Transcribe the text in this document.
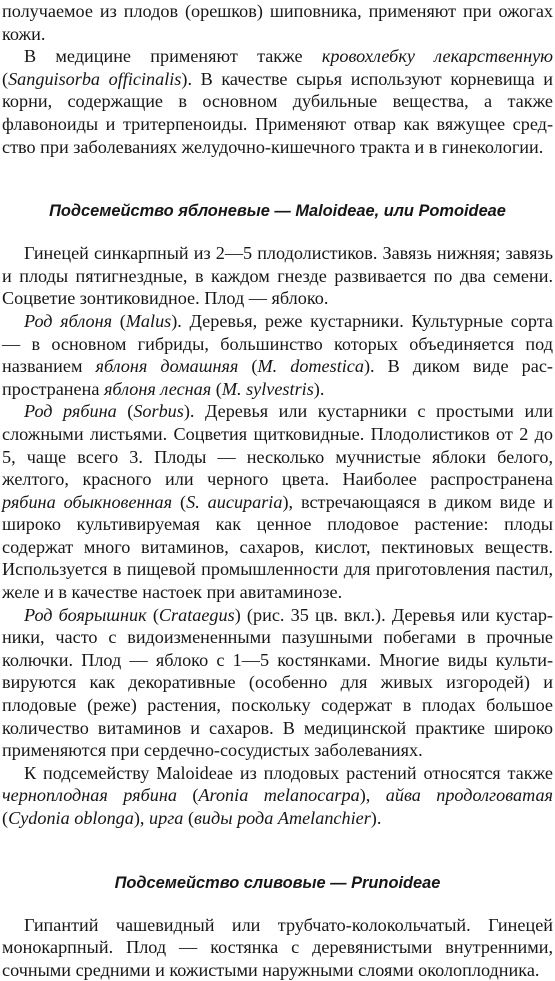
получаемое из плодов (орешков) шиповника, применяют при ожогах кожи.

В медицине применяют также кровохлебку лекарственную (Sanguisorba officinalis). В качестве сырья используют корневища и корни, содержащие в основном дубильные вещества, а также флавоноиды и тритерпеноиды. Применяют отвар как вяжущее средство при заболеваниях желудочно-кишечного тракта и в гинекологии.

Подсемейство яблоневые — Maloideae, или Pomoideae

Гинецей синкарпный из 2—5 плодолистиков. Завязь нижняя; завязь и плоды пятигнездные, в каждом гнезде развивается по два семени. Соцветие зонтиковидное. Плод — яблоко.

Род яблоня (Malus). Деревья, реже кустарники. Культурные сорта — в основном гибриды, большинство которых объединяется под названием яблоня домашняя (M. domestica). В диком виде распространена яблоня лесная (M. sylvestris).

Род рябина (Sorbus). Деревья или кустарники с простыми или сложными листьями. Соцветия щитковидные. Плодолистиков от 2 до 5, чаще всего 3. Плоды — несколько мучнистые яблоки белого, желтого, красного или черного цвета. Наиболее распространена рябина обыкновенная (S. aucuparia), встречающаяся в диком виде и широко культивируемая как ценное плодовое растение: плоды содержат много витаминов, сахаров, кислот, пектиновых веществ. Используется в пищевой промышленности для приготовления пастил, желе и в качестве настоек при авитаминозе.

Род боярышник (Crataegus) (рис. 35 цв. вкл.). Деревья или кустарники, часто с видоизмененными пазушными побегами в прочные колючки. Плод — яблоко с 1—5 костянками. Многие виды культивируются как декоративные (особенно для живых изгородей) и плодовые (реже) растения, поскольку содержат в плодах большое количество витаминов и сахаров. В медицинской практике широко применяются при сердечно-сосудистых заболеваниях.

К подсемейству Maloideae из плодовых растений относятся также черноплодная рябина (Aronia melanocarpa), айва продолговатая (Cydonia oblonga), ирга (виды рода Amelanchier).

Подсемейство сливовые — Prunoideae

Гипантий чашевидный или трубчато-колокольчатый. Гинецей монокарпный. Плод — костянка с деревянистыми внутренними, сочными средними и кожистыми наружными слоями околоплодника.
